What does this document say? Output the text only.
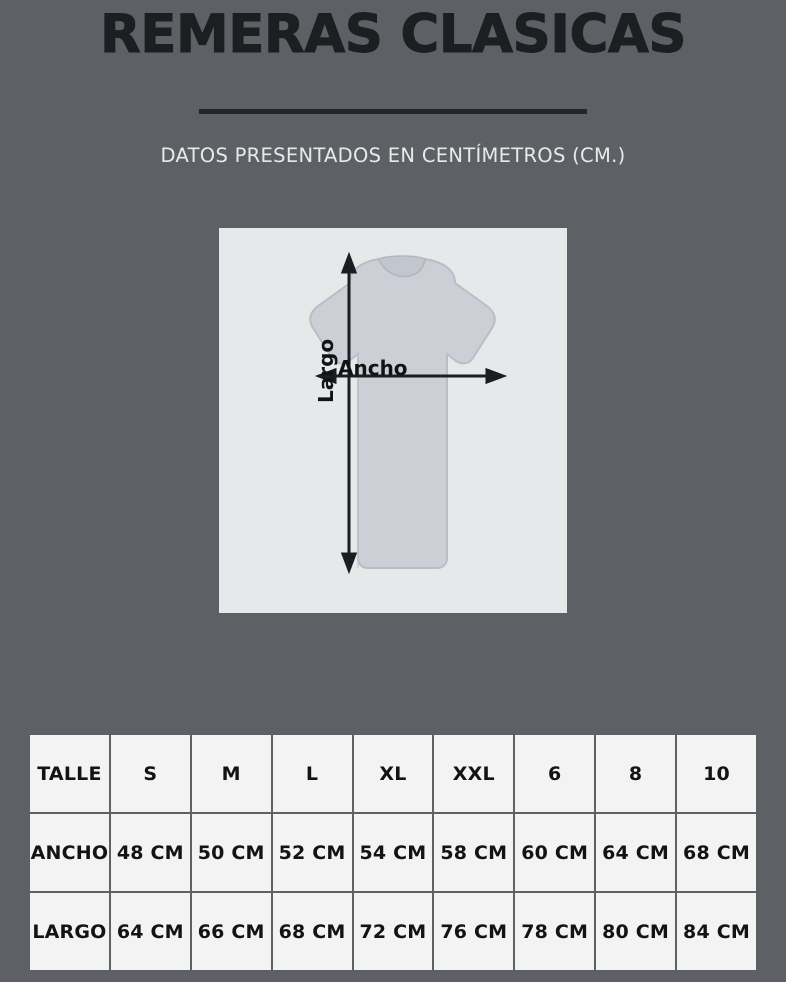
REMERAS CLASICAS

DATOS PRESENTADOS EN CENTÍMETROS (CM.)

Ancho
Largo
TALLE	S	M	L	XL	XXL	6	8	10
ANCHO	48 CM	50 CM	52 CM	54 CM	58 CM	60 CM	64 CM	68 CM
LARGO	64 CM	66 CM	68 CM	72 CM	76 CM	78 CM	80 CM	84 CM
